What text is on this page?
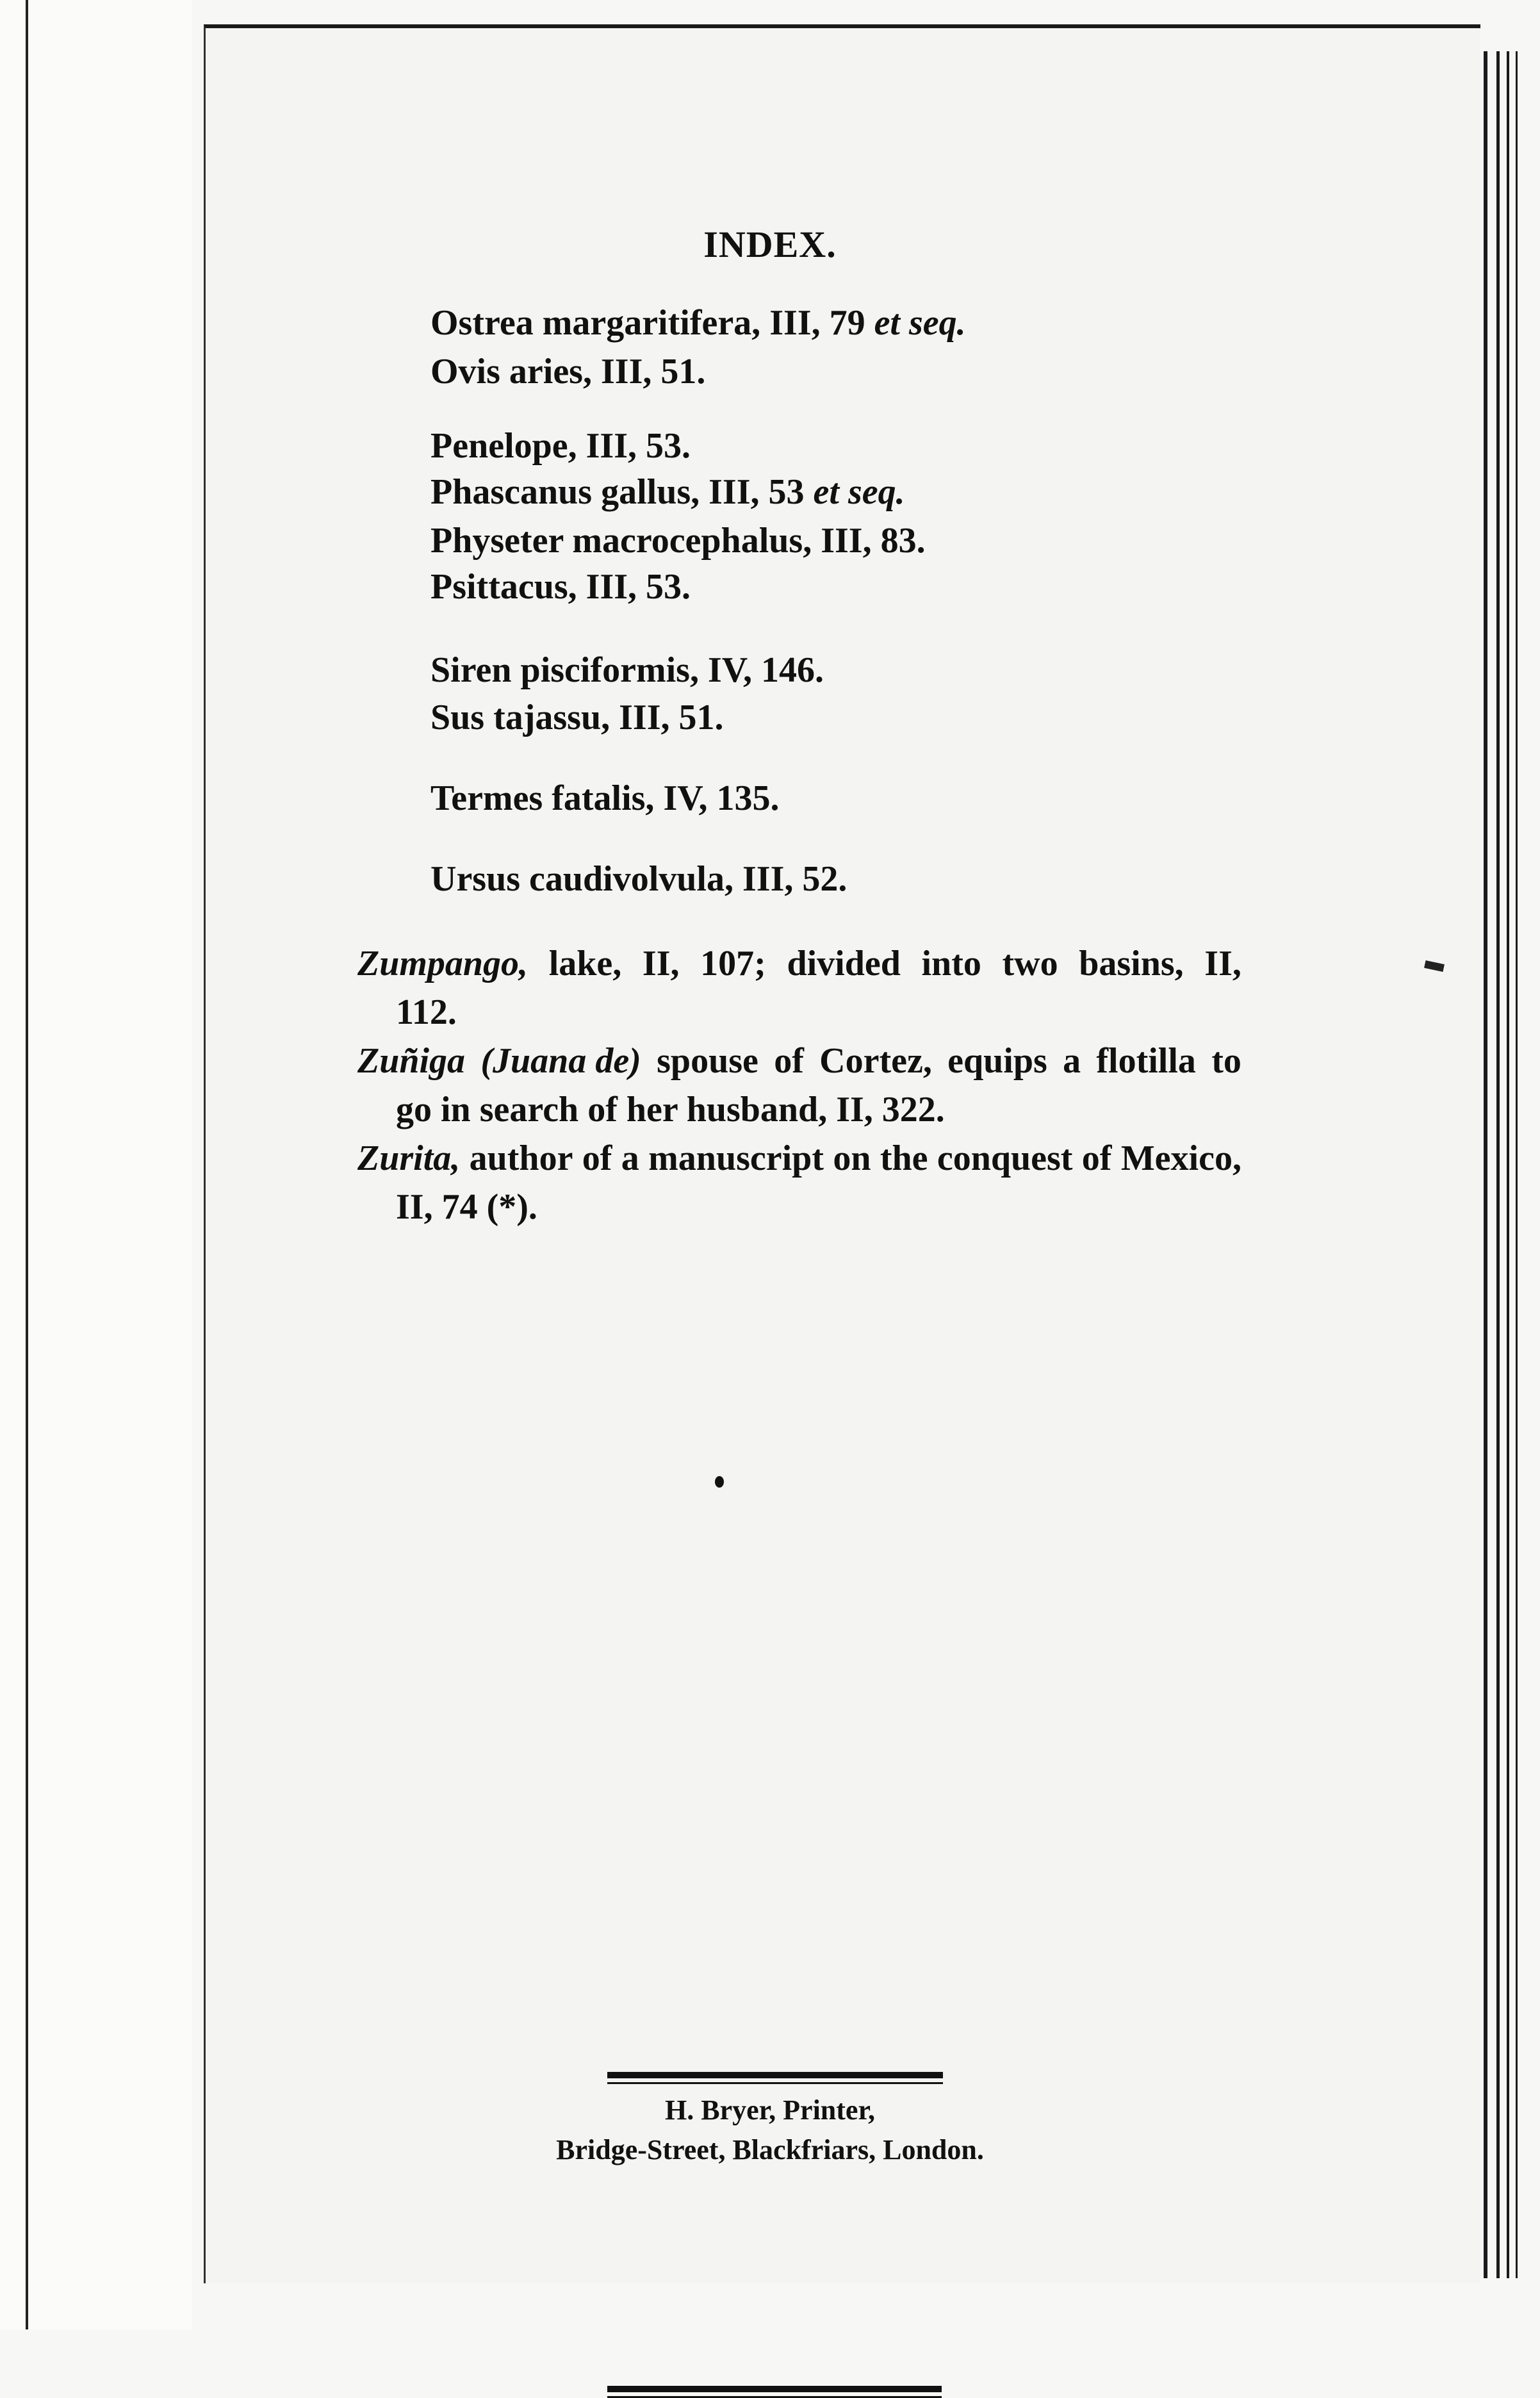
INDEX.
Ostrea margaritifera, III, 79 et seq.
Ovis aries, III, 51.
Penelope, III, 53.
Phascanus gallus, III, 53 et seq.
Physeter macrocephalus, III, 83.
Psittacus, III, 53.
Siren pisciformis, IV, 146.
Sus tajassu, III, 51.
Termes fatalis, IV, 135.
Ursus caudivolvula, III, 52.
Zumpango, lake, II, 107; divided into two basins, II,
112.
Zuñiga (Juana de) spouse of Cortez, equips a flotilla to
go in search of her husband, II, 322.
Zurita, author of a manuscript on the conquest of Mexico,
II, 74 (*).
H. Bryer, Printer,
Bridge-Street, Blackfriars, London.
